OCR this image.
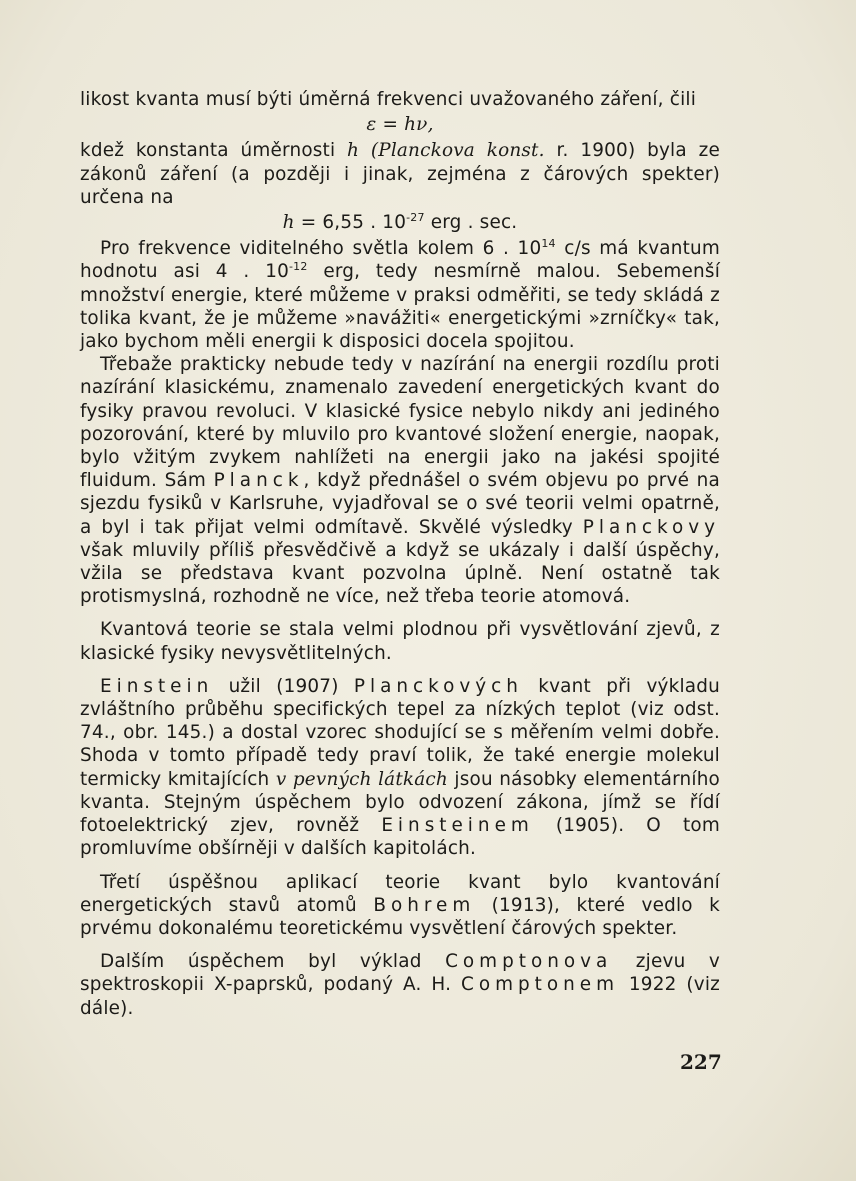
likost kvanta musí býti úměrná frekvenci uvažovaného záření, čili

ε = hν,

kdež konstanta úměrnosti h (Planckova konst. r. 1900) byla ze zákonů záření (a později i jinak, zejména z čárových spekter) určena na

h = 6,55 . $10^{-27}$ erg . sec.

Pro frekvence viditelného světla kolem 6 . $10^{14}$ c/s má kvantum hodnotu asi 4 . $10^{-12}$ erg, tedy nesmírně malou. Sebemenší množství energie, které můžeme v praksi odměřiti, se tedy skládá z tolika kvant, že je můžeme »navážiti« energetickými »zrníčky« tak, jako bychom měli energii k disposici docela spojitou.

Třebaže prakticky nebude tedy v nazírání na energii rozdílu proti nazírání klasickému, znamenalo zavedení energetických kvant do fysiky pravou revoluci. V klasické fysice nebylo nikdy ani jediného pozorování, které by mluvilo pro kvantové složení energie, naopak, bylo vžitým zvykem nahlížeti na energii jako na jakési spojité fluidum. Sám Planck, když přednášel o svém objevu po prvé na sjezdu fysiků v Karlsruhe, vyjadřoval se o své teorii velmi opatrně, a byl i tak přijat velmi odmítavě. Skvělé výsledky Planckovy však mluvily příliš přesvědčivě a když se ukázaly i další úspěchy, vžila se představa kvant pozvolna úplně. Není ostatně tak protismyslná, rozhodně ne více, než třeba teorie atomová.

Kvantová teorie se stala velmi plodnou při vysvětlování zjevů, z klasické fysiky nevysvětlitelných.

Einstein užil (1907) Planckových kvant při výkladu zvláštního průběhu specifických tepel za nízkých teplot (viz odst. 74., obr. 145.) a dostal vzorec shodující se s měřením velmi dobře. Shoda v tomto případě tedy praví tolik, že také energie molekul termicky kmitajících v pevných látkách jsou násobky elementárního kvanta. Stejným úspěchem bylo odvození zákona, jímž se řídí fotoelektrický zjev, rovněž Einsteinem (1905). O tom promluvíme obšírněji v dalších kapitolách.

Třetí úspěšnou aplikací teorie kvant bylo kvantování energetických stavů atomů Bohrem (1913), které vedlo k prvému dokonalému teoretickému vysvětlení čárových spekter.

Dalším úspěchem byl výklad Comptonova zjevu v spektroskopii X-paprsků, podaný A. H. Comptonem 1922 (viz dále).

227
